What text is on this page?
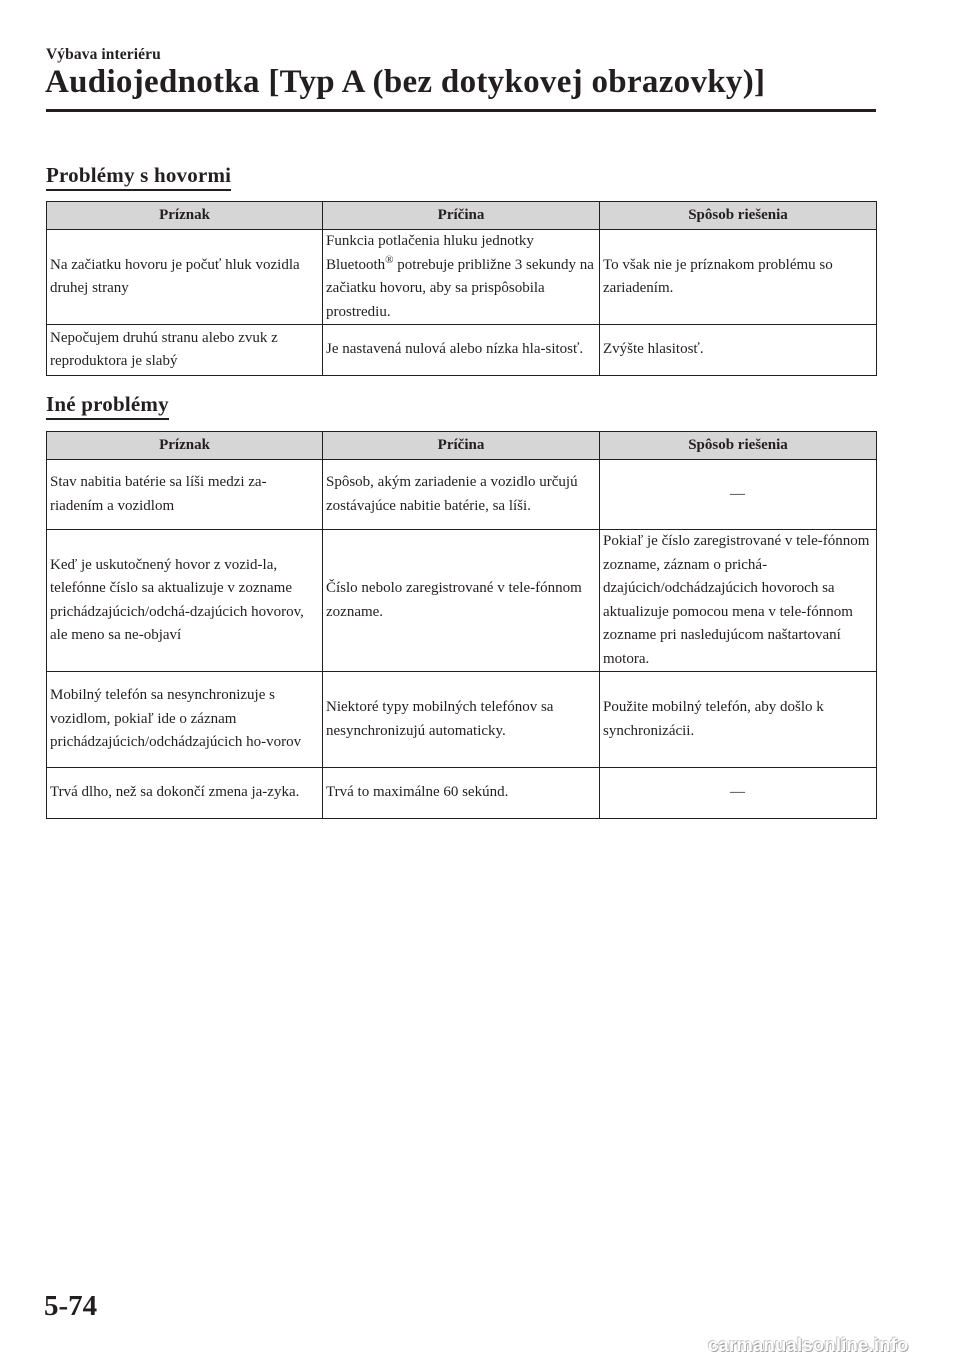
Výbava interiéru
Audiojednotka [Typ A (bez dotykovej obrazovky)]
Problémy s hovormi
Príznak	Príčina	Spôsob riešenia
Na začiatku hovoru je počuť hluk vozidla druhej strany	Funkcia potlačenia hluku jednotky Bluetooth® potrebuje približne 3 sekundy na začiatku hovoru, aby sa prispôsobila prostrediu.	To však nie je príznakom problému so zariadením.
Nepočujem druhú stranu alebo zvuk z reproduktora je slabý	Je nastavená nulová alebo nízka hla-sitosť.	Zvýšte hlasitosť.
Iné problémy
Príznak	Príčina	Spôsob riešenia
Stav nabitia batérie sa líši medzi za-riadením a vozidlom	Spôsob, akým zariadenie a vozidlo určujú zostávajúce nabitie batérie, sa líši.	—
Keď je uskutočnený hovor z vozid-la, telefónne číslo sa aktualizuje v zozname prichádzajúcich/odchá-dzajúcich hovorov, ale meno sa ne-objaví	Číslo nebolo zaregistrované v tele-fónnom zozname.	Pokiaľ je číslo zaregistrované v tele-fónnom zozname, záznam o prichá-dzajúcich/odchádzajúcich hovoroch sa aktualizuje pomocou mena v tele-fónnom zozname pri nasledujúcom naštartovaní motora.
Mobilný telefón sa nesynchronizuje s vozidlom, pokiaľ ide o záznam prichádzajúcich/odchádzajúcich ho-vorov	Niektoré typy mobilných telefónov sa nesynchronizujú automaticky.	Použite mobilný telefón, aby došlo k synchronizácii.
Trvá dlho, než sa dokončí zmena ja-zyka.	Trvá to maximálne 60 sekúnd.	—
5-74
carmanualsonline.info
